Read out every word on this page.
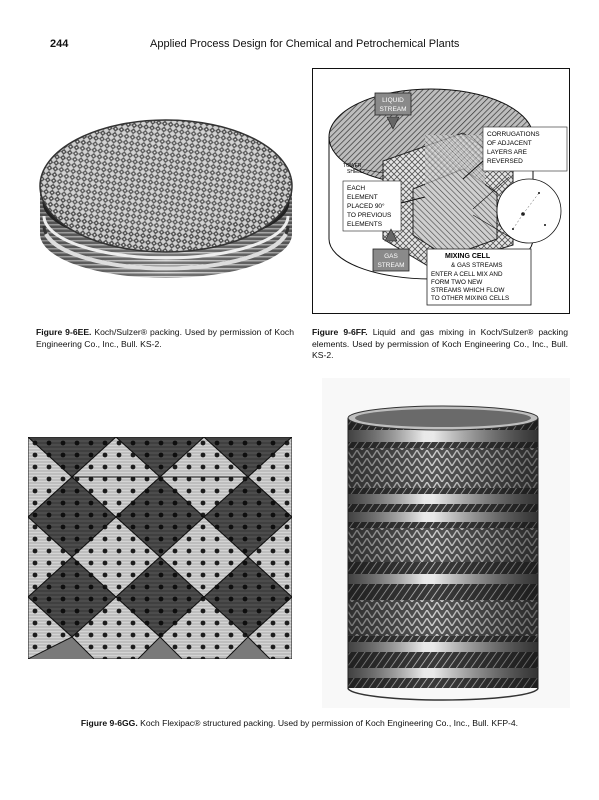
244	Applied Process Design for Chemical and Petrochemical Plants
LIQUID
STREAM
CORRUGATIONS
OF ADJACENT
LAYERS ARE
REVERSED
TOWER
SHELL
EACH
ELEMENT
PLACED 90°
TO PREVIOUS
ELEMENTS
GAS
STREAM
MIXING CELL
& GAS STREAMS
ENTER A CELL MIX AND
FORM TWO NEW
STREAMS WHICH FLOW
TO OTHER MIXING CELLS
Figure 9-6EE. Koch/Sulzer® packing. Used by permission of Koch Engineering Co., Inc., Bull. KS-2.
Figure 9-6FF. Liquid and gas mixing in Koch/Sulzer® packing elements. Used by permission of Koch Engineering Co., Inc., Bull. KS-2.
Figure 9-6GG. Koch Flexipac® structured packing. Used by permission of Koch Engineering Co., Inc., Bull. KFP-4.
